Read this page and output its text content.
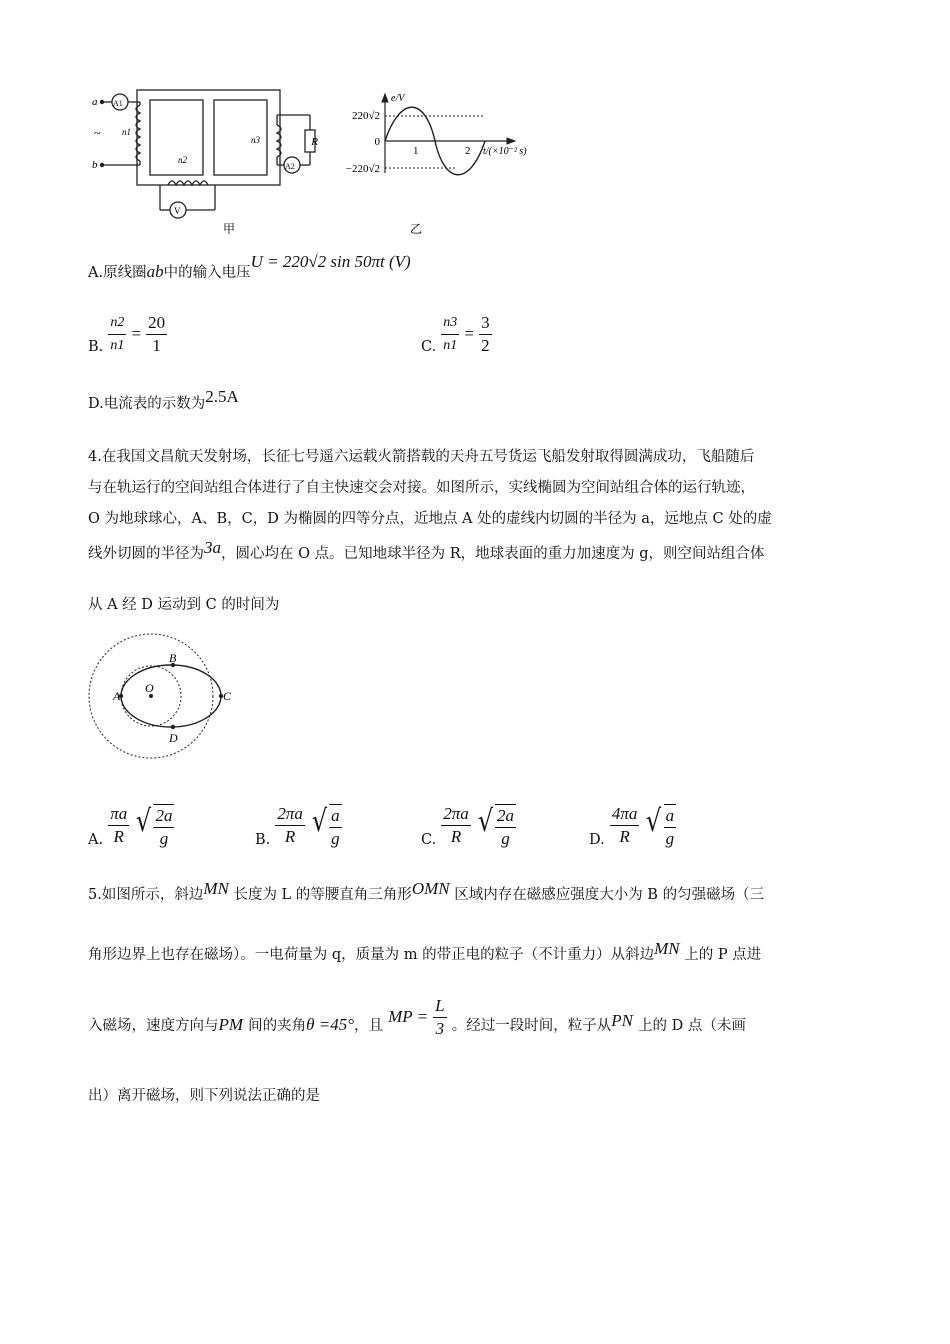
a
b
~
A1
A2
V
n1
n2
n3	R
甲
e/V
220√2
0
−220√2
1	2 t/(×10⁻² s)
乙
A.原线圈ab中的输入电压U = 220√2 sin 50πt (V)
B. $\frac{n2}{n1} = \frac{20}{1}$	C. $\frac{n3}{n1} = \frac{3}{2}$
D.电流表的示数为2.5A
4.在我国文昌航天发射场，长征七号遥六运载火箭搭载的天舟五号货运飞船发射取得圆满成功，飞船随后
与在轨运行的空间站组合体进行了自主快速交会对接。如图所示，实线椭圆为空间站组合体的运行轨迹，
O 为地球球心，A、B，C，D 为椭圆的四等分点，近地点 A 处的虚线内切圆的半径为 a，远地点 C 处的虚
线外切圆的半径为3a，圆心均在 O 点。已知地球半径为 R，地球表面的重力加速度为 g，则空间站组合体
从 A 经 D 运动到 C 的时间为
A
B
C
D
O
A. $\frac{\pi a}{R}$
√ $\frac{2a}{g}$	B. $\frac{2\pi a}{R}$
√ $\frac{a}{g}$	C. $\frac{2\pi a}{R}$
√ $\frac{2a}{g}$	D. $\frac{4\pi a}{R}$
√ $\frac{a}{g}$
5.如图所示，斜边MN 长度为 L 的等腰直角三角形OMN 区域内存在磁感应强度大小为 B 的匀强磁场（三
角形边界上也存在磁场）。一电荷量为 q，质量为 m 的带正电的粒子（不计重力）从斜边MN 上的 P 点进
入磁场，速度方向与PM 间的夹角θ =45°，且 MP = $\frac{L}{3}$ 。经过一段时间，粒子从PN 上的 D 点（未画
出）离开磁场，则下列说法正确的是
